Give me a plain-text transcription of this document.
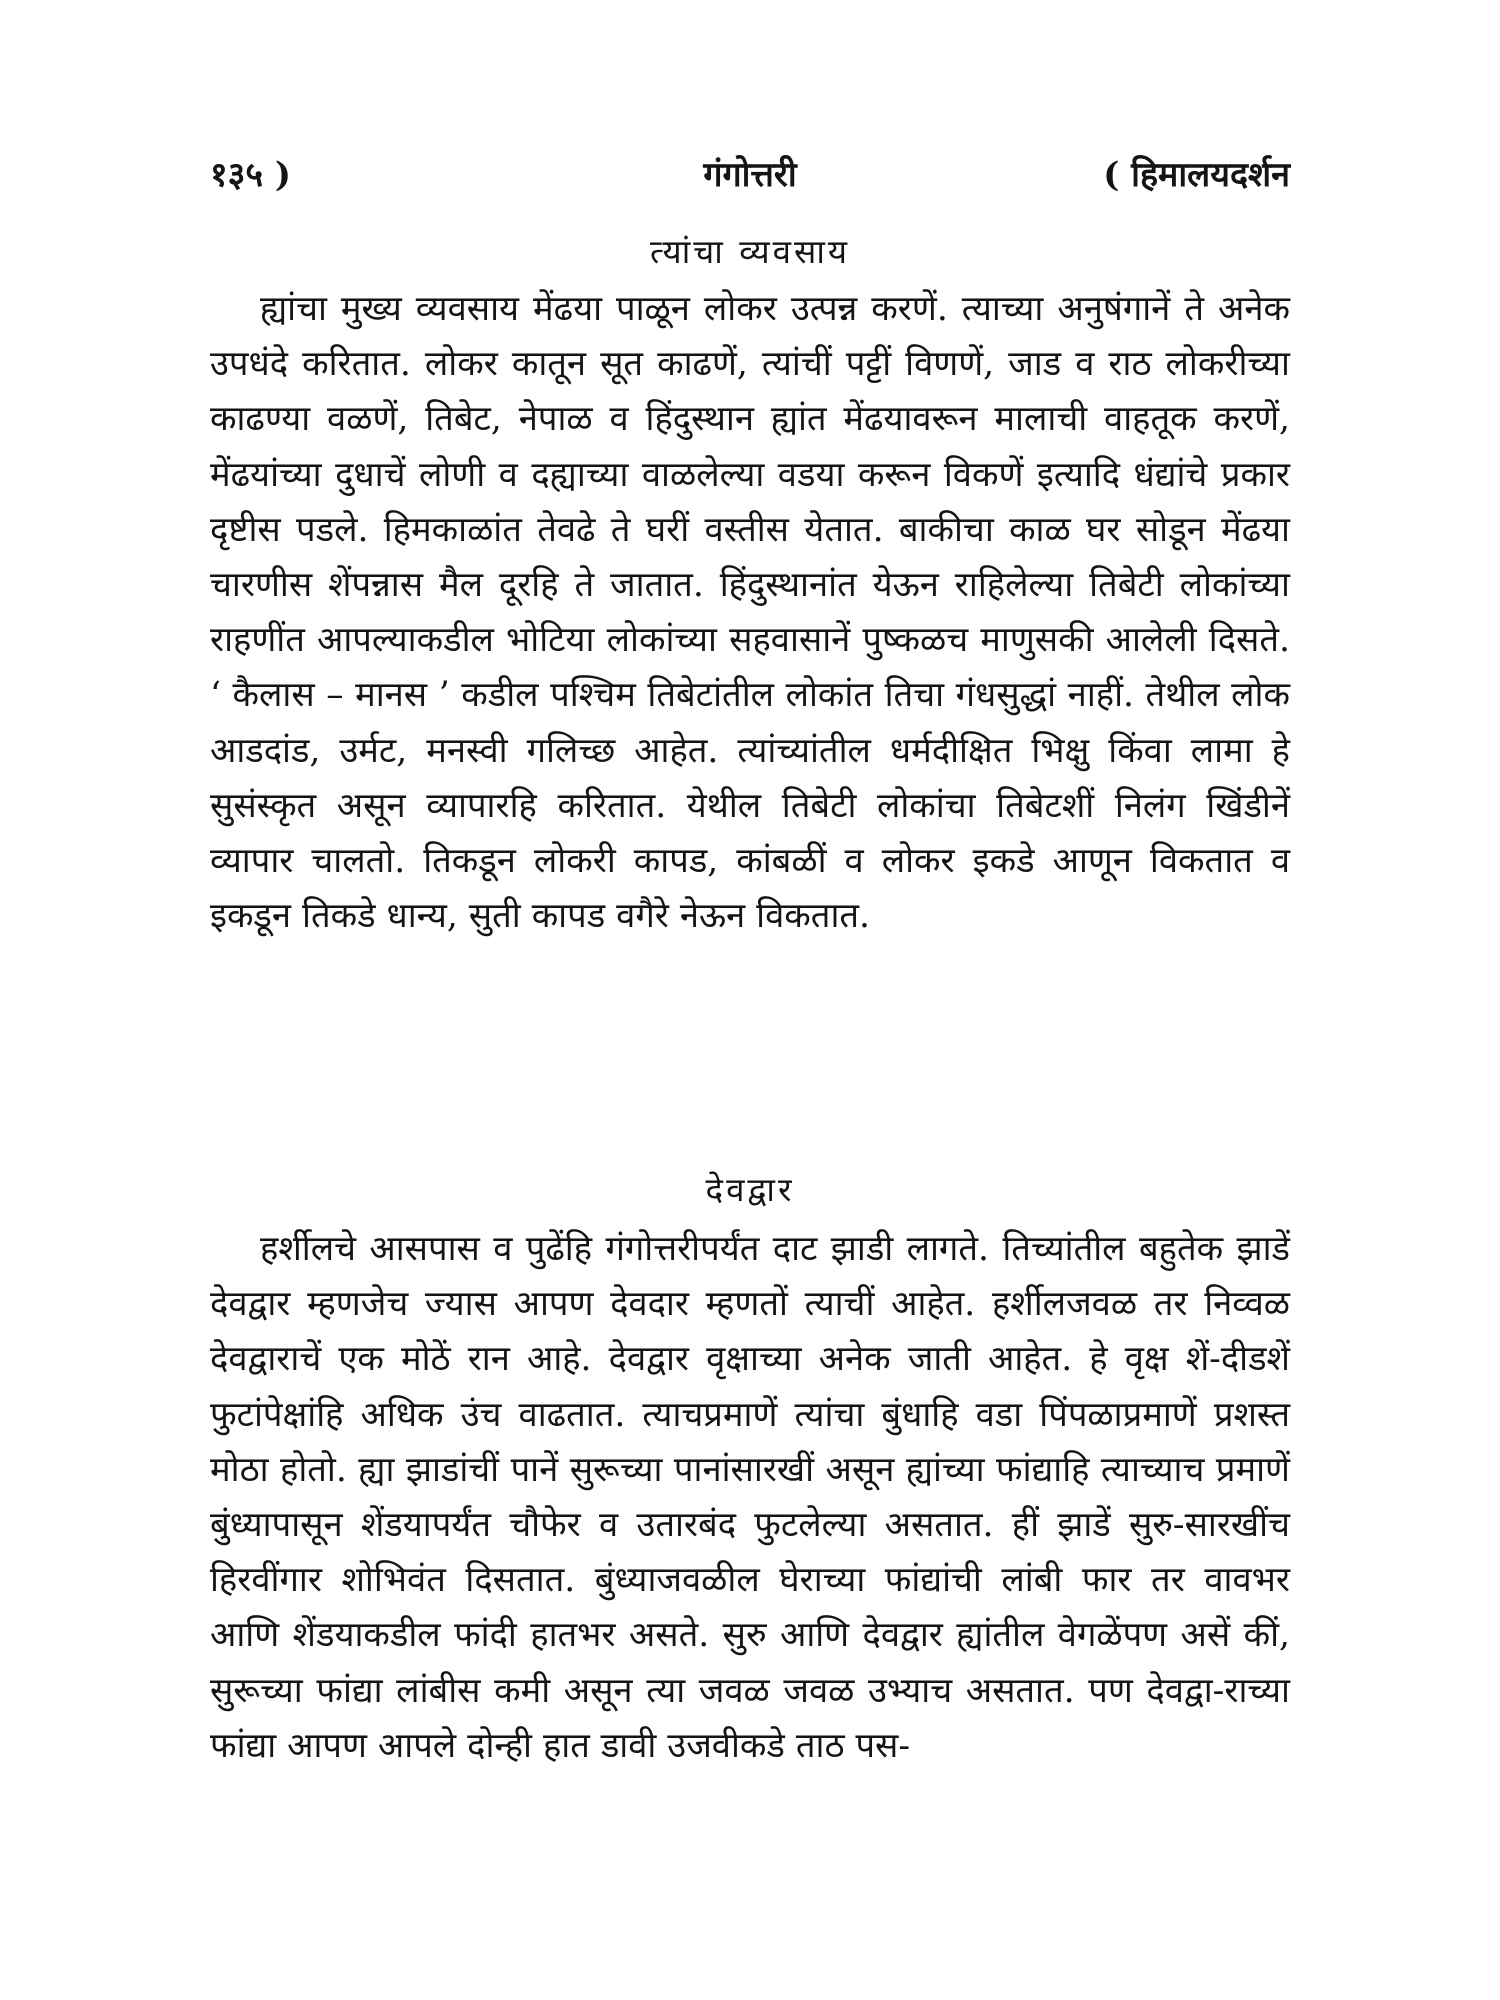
१३५ )	गंगोत्तरी	( हिमालयदर्शन
त्यांचा व्यवसाय

ह्यांचा मुख्य व्यवसाय मेंढया पाळून लोकर उत्पन्न करणें. त्याच्या अनुषंगानें ते अनेक उपधंदे करितात. लोकर कातून सूत काढणें, त्यांचीं पट्टीं विणणें, जाड व राठ लोकरीच्या काढण्या वळणें, तिबेट, नेपाळ व हिंदुस्थान ह्यांत मेंढयावरून मालाची वाहतूक करणें, मेंढयांच्या दुधाचें लोणी व दह्याच्या वाळलेल्या वडया करून विकणें इत्यादि धंद्यांचे प्रकार दृष्टीस पडले. हिमकाळांत तेवढे ते घरीं वस्तीस येतात. बाकीचा काळ घर सोडून मेंढया चारणीस शेंपन्नास मैल दूरहि ते जातात. हिंदुस्थानांत येऊन राहिलेल्या तिबेटी लोकांच्या राहणींत आपल्याकडील भोटिया लोकांच्या सहवासानें पुष्कळच माणुसकी आलेली दिसते. ‘ कैलास – मानस ’ कडील पश्चिम तिबेटांतील लोकांत तिचा गंधसुद्धां नाहीं. तेथील लोक आडदांड, उर्मट, मनस्वी गलिच्छ आहेत. त्यांच्यांतील धर्मदीक्षित भिक्षु किंवा लामा हे सुसंस्कृत असून व्यापारहि करितात. येथील तिबेटी लोकांचा तिबेटशीं निलंग खिंडीनें व्यापार चालतो. तिकडून लोकरी कापड, कांबळीं व लोकर इकडे आणून विकतात व इकडून तिकडे धान्य, सुती कापड वगैरे नेऊन विकतात.

देवद्वार

हर्शीलचे आसपास व पुढेंहि गंगोत्तरीपर्यंत दाट झाडी लागते. तिच्यांतील बहुतेक झाडें देवद्वार म्हणजेच ज्यास आपण देवदार म्हणतों त्याचीं आहेत. हर्शीलजवळ तर निव्वळ देवद्वाराचें एक मोठें रान आहे. देवद्वार वृक्षाच्या अनेक जाती आहेत. हे वृक्ष शें-दीडशें फुटांपेक्षांहि अधिक उंच वाढतात. त्याचप्रमाणें त्यांचा बुंधाहि वडा पिंपळाप्रमाणें प्रशस्त मोठा होतो. ह्या झाडांचीं पानें सुरूच्या पानांसारखीं असून ह्यांच्या फांद्याहि त्याच्याच प्रमाणें बुंध्यापासून शेंडयापर्यंत चौफेर व उतारबंद फुटलेल्या असतात. हीं झाडें सुरु-सारखींच हिरवींगार शोभिवंत दिसतात. बुंध्याजवळील घेराच्या फांद्यांची लांबी फार तर वावभर आणि शेंडयाकडील फांदी हातभर असते. सुरु आणि देवद्वार ह्यांतील वेगळेंपण असें कीं, सुरूच्या फांद्या लांबीस कमी असून त्या जवळ जवळ उभ्याच असतात. पण देवद्वा-राच्या फांद्या आपण आपले दोन्ही हात डावी उजवीकडे ताठ पस-
